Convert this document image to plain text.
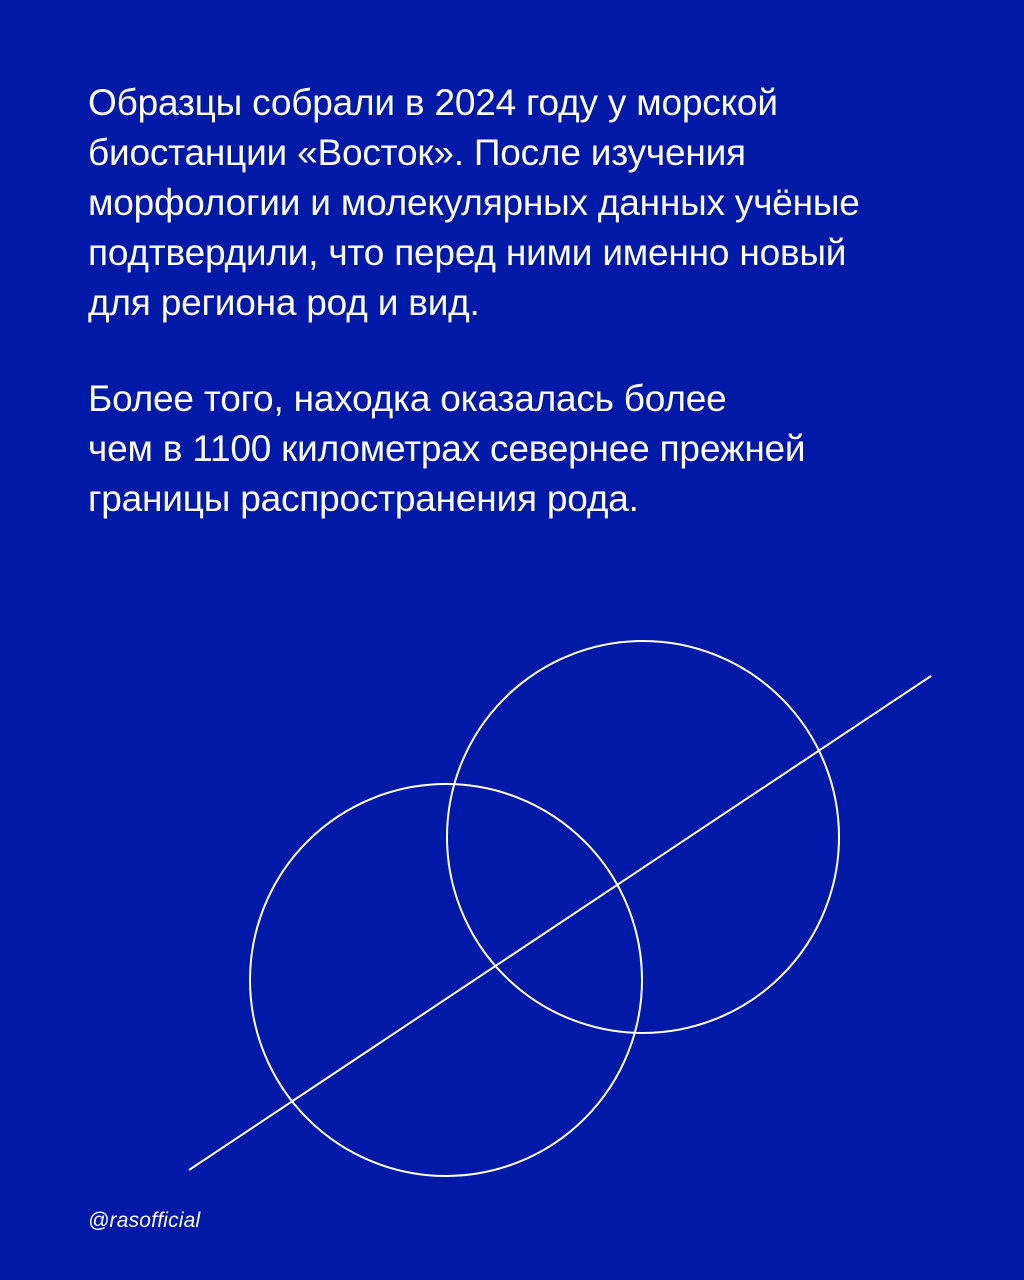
Образцы собрали в 2024 году у морской
биостанции «Восток». После изучения
морфологии и молекулярных данных учёные
подтвердили, что перед ними именно новый
для региона род и вид.

Более того, находка оказалась более
чем в 1100 километрах севернее прежней
границы распространения рода.

@rasofficial
